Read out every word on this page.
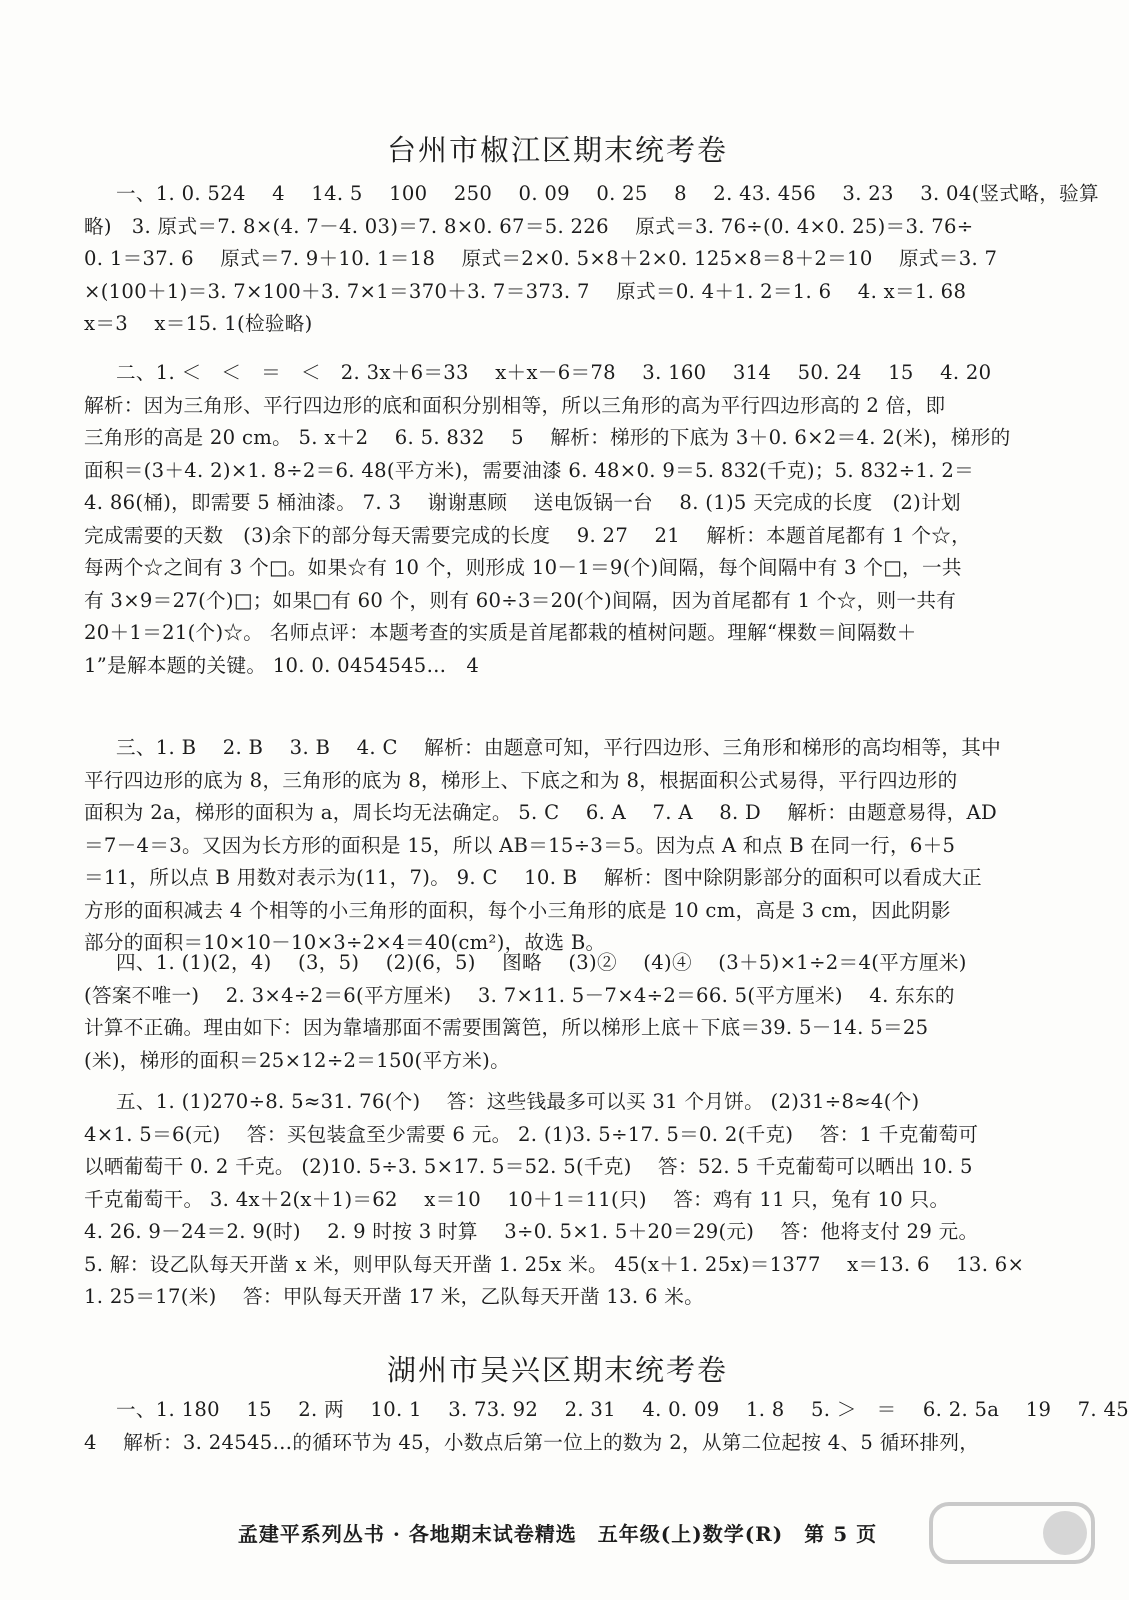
台州市椒江区期末统考卷
一、1. 0. 524　 4　 14. 5　 100　 250　 0. 09　 0. 25　 8　 2. 43. 456　 3. 23　 3. 04(竖式略，验算
略)　3. 原式＝7. 8×(4. 7－4. 03)＝7. 8×0. 67＝5. 226　 原式＝3. 76÷(0. 4×0. 25)＝3. 76÷
0. 1＝37. 6　 原式＝7. 9＋10. 1＝18　 原式＝2×0. 5×8＋2×0. 125×8＝8＋2＝10　 原式＝3. 7
×(100＋1)＝3. 7×100＋3. 7×1＝370＋3. 7＝373. 7　 原式＝0. 4＋1. 2＝1. 6　 4. x＝1. 68
x＝3　 x＝15. 1(检验略)
二、1. ＜　＜　＝　＜　2. 3x＋6＝33　 x＋x－6＝78　 3. 160　 314　 50. 24　 15　 4. 20
解析：因为三角形、平行四边形的底和面积分别相等，所以三角形的高为平行四边形高的 2 倍，即
三角形的高是 20 cm。 5. x＋2　 6. 5. 832　 5　 解析：梯形的下底为 3＋0. 6×2＝4. 2(米)，梯形的
面积＝(3＋4. 2)×1. 8÷2＝6. 48(平方米)，需要油漆 6. 48×0. 9＝5. 832(千克)；5. 832÷1. 2＝
4. 86(桶)，即需要 5 桶油漆。 7. 3　 谢谢惠顾　 送电饭锅一台　 8. (1)5 天完成的长度　(2)计划
完成需要的天数　(3)余下的部分每天需要完成的长度　 9. 27　 21　 解析：本题首尾都有 1 个☆，
每两个☆之间有 3 个□。如果☆有 10 个，则形成 10－1＝9(个)间隔，每个间隔中有 3 个□，一共
有 3×9＝27(个)□；如果□有 60 个，则有 60÷3＝20(个)间隔，因为首尾都有 1 个☆，则一共有
20＋1＝21(个)☆。 名师点评：本题考查的实质是首尾都栽的植树问题。理解“棵数＝间隔数＋
1”是解本题的关键。 10. 0. 0454545…　4
三、1. B　 2. B　 3. B　 4. C　 解析：由题意可知，平行四边形、三角形和梯形的高均相等，其中
平行四边形的底为 8，三角形的底为 8，梯形上、下底之和为 8，根据面积公式易得，平行四边形的
面积为 2a，梯形的面积为 a，周长均无法确定。 5. C　 6. A　 7. A　 8. D　 解析：由题意易得，AD
＝7－4＝3。又因为长方形的面积是 15，所以 AB＝15÷3＝5。因为点 A 和点 B 在同一行，6＋5
＝11，所以点 B 用数对表示为(11，7)。 9. C　 10. B　 解析：图中除阴影部分的面积可以看成大正
方形的面积减去 4 个相等的小三角形的面积，每个小三角形的底是 10 cm，高是 3 cm，因此阴影
部分的面积＝10×10－10×3÷2×4＝40(cm²)，故选 B。
四、1. (1)(2，4)　 (3，5)　 (2)(6，5)　 图略　 (3)②　 (4)④　 (3＋5)×1÷2＝4(平方厘米)
(答案不唯一)　 2. 3×4÷2＝6(平方厘米)　 3. 7×11. 5－7×4÷2＝66. 5(平方厘米)　 4. 东东的
计算不正确。理由如下：因为靠墙那面不需要围篱笆，所以梯形上底＋下底＝39. 5－14. 5＝25
(米)，梯形的面积＝25×12÷2＝150(平方米)。
五、1. (1)270÷8. 5≈31. 76(个)　 答：这些钱最多可以买 31 个月饼。 (2)31÷8≈4(个)
4×1. 5＝6(元)　 答：买包装盒至少需要 6 元。 2. (1)3. 5÷17. 5＝0. 2(千克)　 答：1 千克葡萄可
以晒葡萄干 0. 2 千克。 (2)10. 5÷3. 5×17. 5＝52. 5(千克)　 答：52. 5 千克葡萄可以晒出 10. 5
千克葡萄干。 3. 4x＋2(x＋1)＝62　 x＝10　 10＋1＝11(只)　 答：鸡有 11 只，兔有 10 只。
4. 26. 9－24＝2. 9(时)　 2. 9 时按 3 时算　 3÷0. 5×1. 5＋20＝29(元)　 答：他将支付 29 元。
5. 解：设乙队每天开凿 x 米，则甲队每天开凿 1. 25x 米。 45(x＋1. 25x)＝1377　 x＝13. 6　 13. 6×
1. 25＝17(米)　 答：甲队每天开凿 17 米，乙队每天开凿 13. 6 米。
湖州市吴兴区期末统考卷
一、1. 180　 15　 2. 两　 10. 1　 3. 73. 92　 2. 31　 4. 0. 09　 1. 8　 5. ＞　＝　 6. 2. 5a　 19　 7. 45
4　 解析：3. 24545…的循环节为 45，小数点后第一位上的数为 2，从第二位起按 4、5 循环排列，
孟建平系列丛书 · 各地期末试卷精选　五年级(上)数学(R)　第 5 页
